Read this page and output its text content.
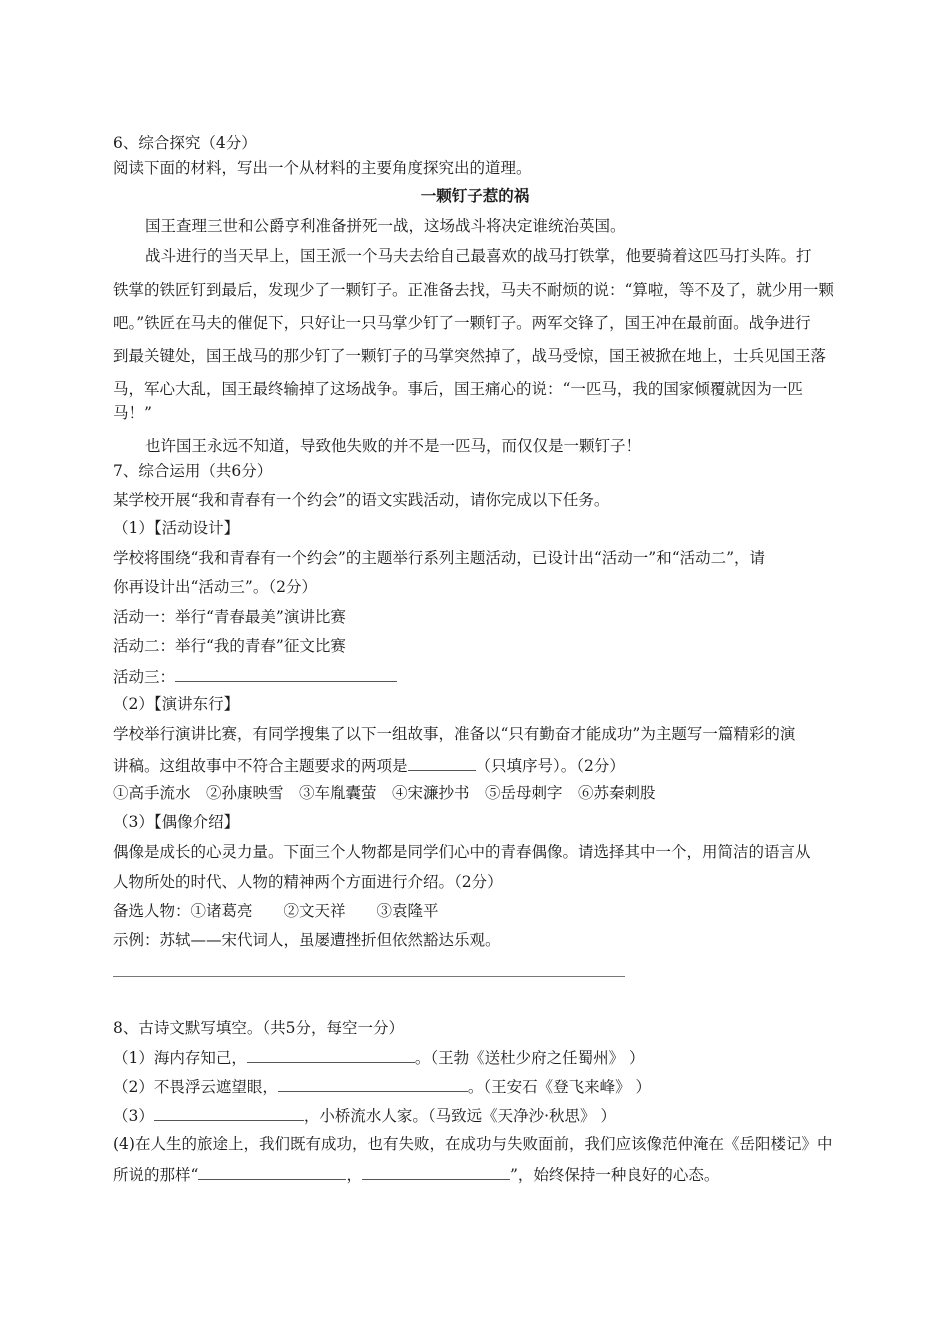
6、综合探究（4分）
阅读下面的材料，写出一个从材料的主要角度探究出的道理。
一颗钉子惹的祸
国王查理三世和公爵亨利准备拼死一战，这场战斗将决定谁统治英国。
战斗进行的当天早上，国王派一个马夫去给自己最喜欢的战马打铁掌，他要骑着这匹马打头阵。打
铁掌的铁匠钉到最后，发现少了一颗钉子。正准备去找，马夫不耐烦的说：“算啦，等不及了，就少用一颗
吧。”铁匠在马夫的催促下，只好让一只马掌少钉了一颗钉子。两军交锋了，国王冲在最前面。战争进行
到最关键处，国王战马的那少钉了一颗钉子的马掌突然掉了，战马受惊，国王被掀在地上，士兵见国王落
马，军心大乱，国王最终输掉了这场战争。事后，国王痛心的说：“一匹马，我的国家倾覆就因为一匹
马！”
也许国王永远不知道，导致他失败的并不是一匹马，而仅仅是一颗钉子！
7、综合运用（共6分）
某学校开展“我和青春有一个约会”的语文实践活动，请你完成以下任务。
（1）【活动设计】
学校将围绕“我和青春有一个约会”的主题举行系列主题活动，已设计出“活动一”和“活动二”，请
你再设计出“活动三”。（2分）
活动一：举行“青春最美”演讲比赛
活动二：举行“我的青春”征文比赛
活动三：
（2）【演讲东行】
学校举行演讲比赛，有同学搜集了以下一组故事，准备以“只有勤奋才能成功”为主题写一篇精彩的演
讲稿。这组故事中不符合主题要求的两项是	（只填序号）。（2分）
①高手流水　②孙康映雪　③车胤囊萤　④宋濂抄书　⑤岳母刺字　⑥苏秦刺股
（3）【偶像介绍】
偶像是成长的心灵力量。下面三个人物都是同学们心中的青春偶像。请选择其中一个，用简洁的语言从
人物所处的时代、人物的精神两个方面进行介绍。（2分）
备选人物：①诸葛亮　　②文天祥　　③袁隆平
示例：苏轼——宋代词人，虽屡遭挫折但依然豁达乐观。
8、古诗文默写填空。（共5分，每空一分）
（1）海内存知己，	。（王勃《送杜少府之任蜀州》 ）
（2）不畏浮云遮望眼，	。（王安石《登飞来峰》 ）
（3）	，小桥流水人家。（马致远《天净沙·秋思》 ）
(4)在人生的旅途上，我们既有成功，也有失败，在成功与失败面前，我们应该像范仲淹在《岳阳楼记》中
所说的那样“	，	”，始终保持一种良好的心态。
